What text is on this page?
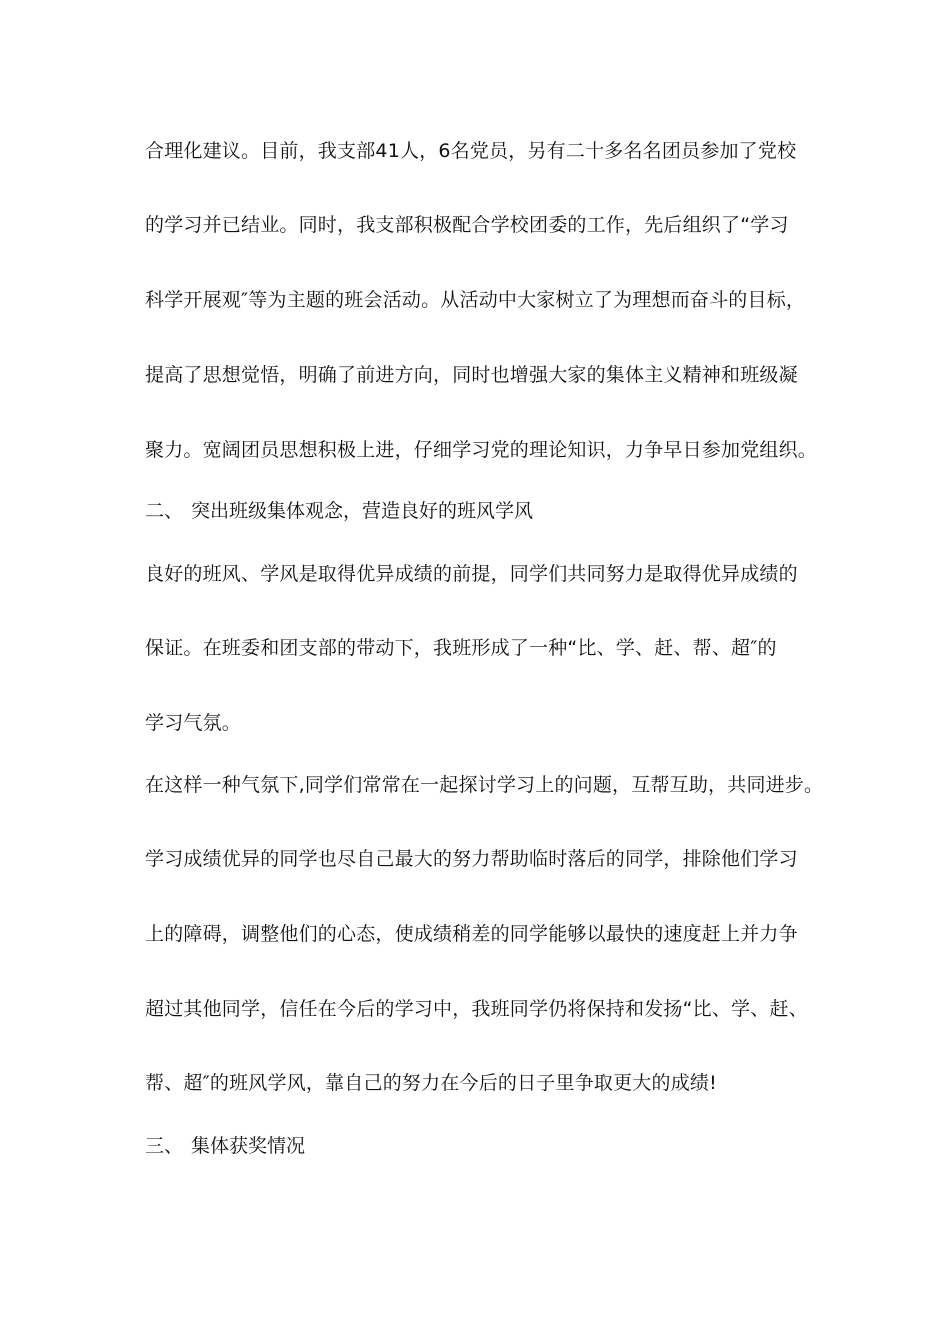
合理化建议。目前，我支部41人，6名党员，另有二十多名名团员参加了党校
的学习并已结业。同时，我支部积极配合学校团委的工作，先后组织了“学习
科学开展观″等为主题的班会活动。从活动中大家树立了为理想而奋斗的目标，
提高了思想觉悟，明确了前进方向，同时也增强大家的集体主义精神和班级凝
聚力。宽阔团员思想积极上进，仔细学习党的理论知识，力争早日参加党组织。
二、 突出班级集体观念，营造良好的班风学风
良好的班风、学风是取得优异成绩的前提，同学们共同努力是取得优异成绩的
保证。在班委和团支部的带动下，我班形成了一种“比、学、赶、帮、超″的
学习气氛。
在这样一种气氛下,同学们常常在一起探讨学习上的问题，互帮互助，共同进步。
学习成绩优异的同学也尽自己最大的努力帮助临时落后的同学，排除他们学习
上的障碍，调整他们的心态，使成绩稍差的同学能够以最快的速度赶上并力争
超过其他同学，信任在今后的学习中，我班同学仍将保持和发扬“比、学、赶、
帮、超″的班风学风，靠自己的努力在今后的日子里争取更大的成绩!
三、 集体获奖情况
